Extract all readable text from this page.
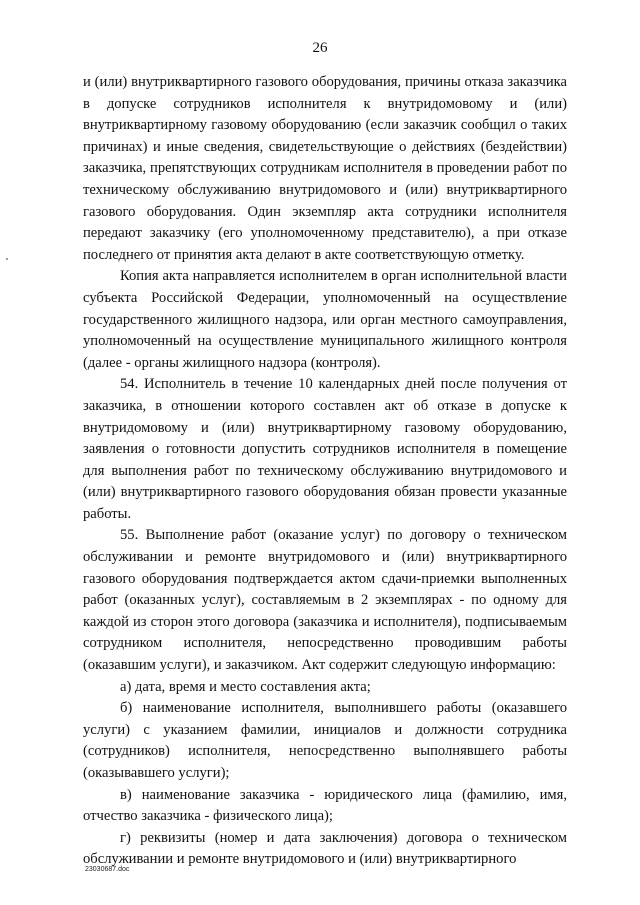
26

и (или) внутриквартирного газового оборудования, причины отказа заказчика в допуске сотрудников исполнителя к внутридомовому и (или) внутриквартирному газовому оборудованию (если заказчик сообщил о таких причинах) и иные сведения, свидетельствующие о действиях (бездействии) заказчика, препятствующих сотрудникам исполнителя в проведении работ по техническому обслуживанию внутридомового и (или) внутриквартирного газового оборудования. Один экземпляр акта сотрудники исполнителя передают заказчику (его уполномоченному представителю), а при отказе последнего от принятия акта делают в акте соответствующую отметку.

Копия акта направляется исполнителем в орган исполнительной власти субъекта Российской Федерации, уполномоченный на осуществление государственного жилищного надзора, или орган местного самоуправления, уполномоченный на осуществление муниципального жилищного контроля (далее - органы жилищного надзора (контроля).

54. Исполнитель в течение 10 календарных дней после получения от заказчика, в отношении которого составлен акт об отказе в допуске к внутридомовому и (или) внутриквартирному газовому оборудованию, заявления о готовности допустить сотрудников исполнителя в помещение для выполнения работ по техническому обслуживанию внутридомового и (или) внутриквартирного газового оборудования обязан провести указанные работы.

55. Выполнение работ (оказание услуг) по договору о техническом обслуживании и ремонте внутридомового и (или) внутриквартирного газового оборудования подтверждается актом сдачи-приемки выполненных работ (оказанных услуг), составляемым в 2 экземплярах - по одному для каждой из сторон этого договора (заказчика и исполнителя), подписываемым сотрудником исполнителя, непосредственно проводившим работы (оказавшим услуги), и заказчиком. Акт содержит следующую информацию:

а) дата, время и место составления акта;

б) наименование исполнителя, выполнившего работы (оказавшего услуги) с указанием фамилии, инициалов и должности сотрудника (сотрудников) исполнителя, непосредственно выполнявшего работы (оказывавшего услуги);

в) наименование заказчика - юридического лица (фамилию, имя, отчество заказчика - физического лица);

г) реквизиты (номер и дата заключения) договора о техническом обслуживании и ремонте внутридомового и (или) внутриквартирного

23030687.doc
